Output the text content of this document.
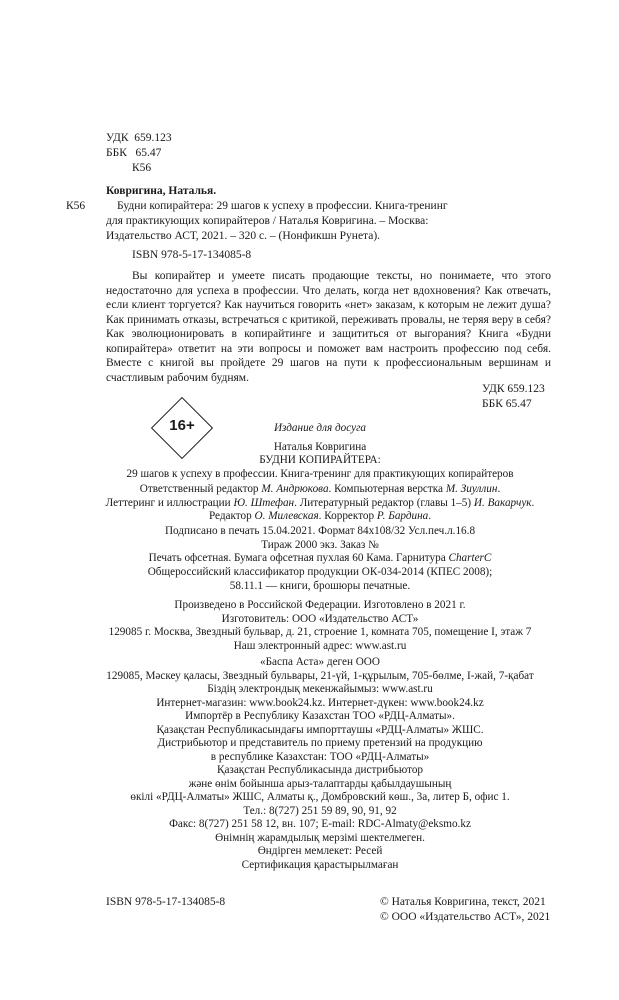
УДК 659.123
ББК 65.47
К56
Ковригина, Наталья.
К56	Будни копирайтера: 29 шагов к успеху в профессии. Книга-тренинг
для практикующих копирайтеров / Наталья Ковригина. – Москва:
Издательство АСТ, 2021. – 320 с. – (Нонфикшн Рунета).
ISBN 978-5-17-134085-8
Вы копирайтер и умеете писать продающие тексты, но понимаете, что этого недостаточно для успеха в профессии. Что делать, когда нет вдохновения? Как отвечать, если клиент торгуется? Как научиться говорить «нет» заказам, к которым не лежит душа? Как принимать отказы, встречаться с критикой, переживать провалы, не теряя веру в себя? Как эволюционировать в копирайтинге и защититься от выгорания? Книга «Будни копирайтера» ответит на эти вопросы и поможет вам настроить профессию под себя. Вместе с книгой вы пройдете 29 шагов на пути к профессиональным вершинам и счастливым рабочим будням.
УДК 659.123
ББК 65.47
16+	Издание для досуга
Наталья Ковригина
БУДНИ КОПИРАЙТЕРА:
29 шагов к успеху в профессии. Книга-тренинг для практикующих копирайтеров
Ответственный редактор М. Андрюкова. Компьютерная верстка М. Зиуллин.
Леттеринг и иллюстрации Ю. Штефан. Литературный редактор (главы 1–5) И. Вакарчук.
Редактор О. Милевская. Корректор Р. Бардина.
Подписано в печать 15.04.2021. Формат 84x108/32 Усл.печ.л.16.8
Тираж 2000 экз. Заказ №
Печать офсетная. Бумага офсетная пухлая 60 Кама. Гарнитура CharterC
Общероссийский классификатор продукции ОК-034-2014 (КПЕС 2008);
58.11.1 — книги, брошюры печатные.
Произведено в Российской Федерации. Изготовлено в 2021 г.
Изготовитель: ООО «Издательство АСТ»
129085 г. Москва, Звездный бульвар, д. 21, строение 1, комната 705, помещение I, этаж 7
Наш электронный адрес: www.ast.ru
«Баспа Аста» деген ООО
129085, Мәскеу қаласы, Звездный бульвары, 21-үй, 1-құрылым, 705-бөлме, I-жай, 7-қабат
Біздің электрондық мекенжайымыз: www.ast.ru
Интернет-магазин: www.book24.kz. Интернет-дүкен: www.book24.kz
Импортёр в Республику Казахстан ТОО «РДЦ-Алматы».
Қазақстан Республикасындағы импорттаушы «РДЦ-Алматы» ЖШС.
Дистрибьютор и представитель по приему претензий на продукцию
в республике Казахстан: ТОО «РДЦ-Алматы»
Қазақстан Республикасында дистрибьютор
және өнім бойынша арыз-талаптарды қабылдаушының
өкілі «РДЦ-Алматы» ЖШС, Алматы қ., Домбровский көш., 3а, литер Б, офис 1.
Тел.: 8(727) 251 59 89, 90, 91, 92
Факс: 8(727) 251 58 12, вн. 107; E-mail: RDC-Almaty@eksmo.kz
Өнімнің жарамдылық мерзімі шектелмеген.
Өндірген мемлекет: Ресей
Сертификация қарастырылмаған
ISBN 978-5-17-134085-8	© Наталья Ковригина, текст, 2021
© ООО «Издательство АСТ», 2021
